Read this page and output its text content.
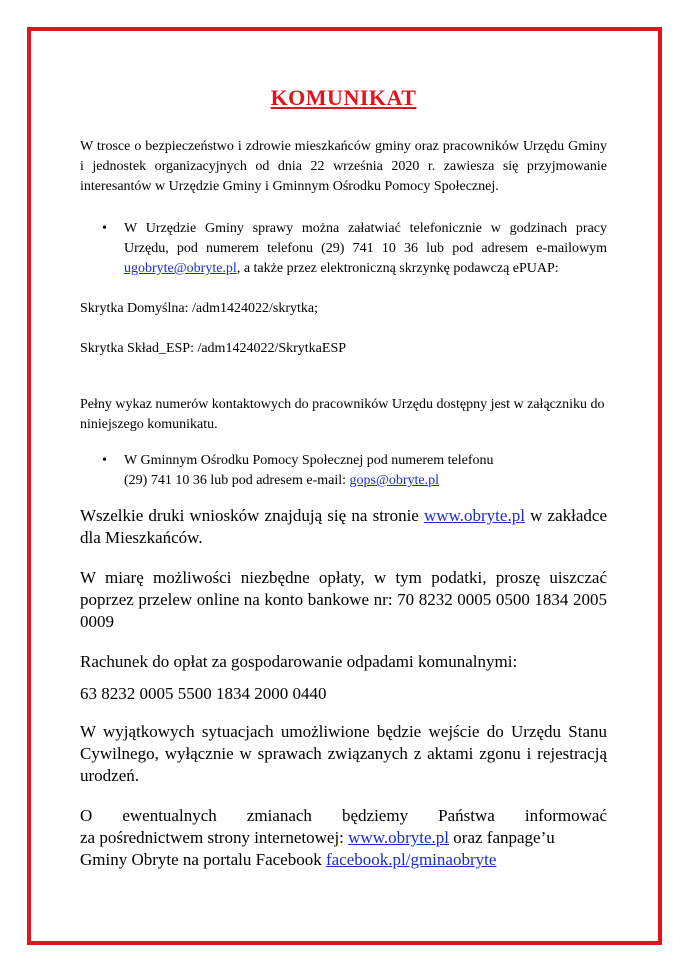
KOMUNIKAT

W trosce o bezpieczeństwo i zdrowie mieszkańców gminy oraz pracowników Urzędu Gminy i jednostek organizacyjnych od dnia 22 września 2020 r. zawiesza się przyjmowanie interesantów w Urzędzie Gminy i Gminnym Ośrodku Pomocy Społecznej.

• W Urzędzie Gminy sprawy można załatwiać telefonicznie w godzinach pracy Urzędu, pod numerem telefonu (29) 741 10 36 lub pod adresem e-mailowym ugobryte@obryte.pl, a także przez elektroniczną skrzynkę podawczą ePUAP:

Skrytka Domyślna: /adm1424022/skrytka;

Skrytka Skład_ESP: /adm1424022/SkrytkaESP

Pełny wykaz numerów kontaktowych do pracowników Urzędu dostępny jest w załączniku do niniejszego komunikatu.

• W Gminnym Ośrodku Pomocy Społecznej pod numerem telefonu
(29) 741 10 36 lub pod adresem e-mail: gops@obryte.pl

Wszelkie druki wniosków znajdują się na stronie www.obryte.pl w zakładce dla Mieszkańców.

W miarę możliwości niezbędne opłaty, w tym podatki, proszę uiszczać poprzez przelew online na konto bankowe nr: 70 8232 0005 0500 1834 2005 0009

Rachunek do opłat za gospodarowanie odpadami komunalnymi:

63 8232 0005 5500 1834 2000 0440

W wyjątkowych sytuacjach umożliwione będzie wejście do Urzędu Stanu Cywilnego, wyłącznie w sprawach związanych z aktami zgonu i rejestracją urodzeń.

O ewentualnych zmianach będziemy Państwa informować
za pośrednictwem strony internetowej: www.obryte.pl oraz fanpage’u
Gminy Obryte na portalu Facebook facebook.pl/gminaobryte
